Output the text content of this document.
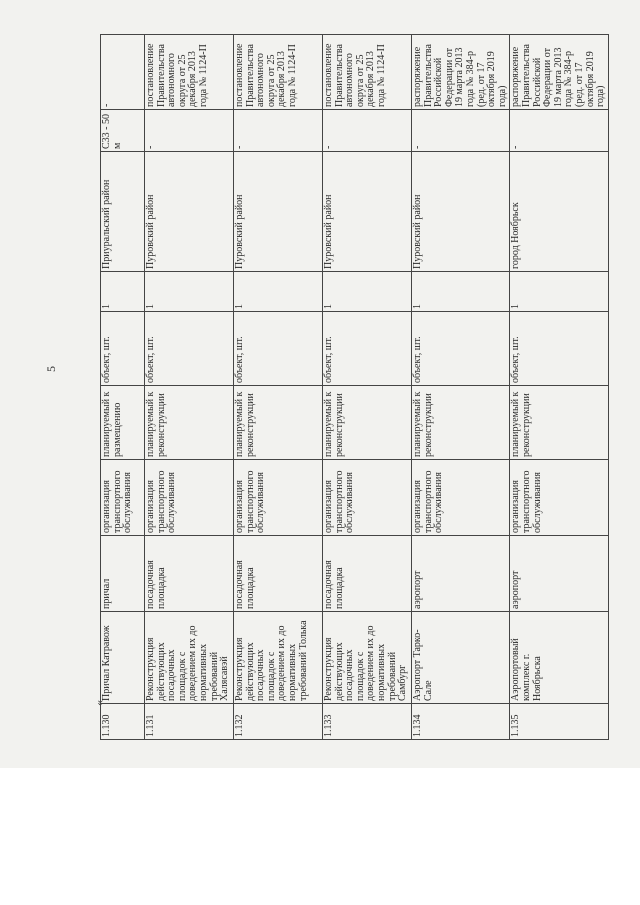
5
«
1.130	Причал Катравож	причал	организация транспортного обслуживания	планируемый к размещению	объект, шт.	1	Приуральский район	С33 - 50 м	-
1.131	Реконструкция действующих посадочных площадок с доведением их до нормативных требований Халясавэй	посадочная площадка	организация транспортного обслуживания	планируемый к реконструкции	объект, шт.	1	Пуровский район	-	постановление Правительства автономного округа от 25 декабря 2013 года № 1124-П
1.132	Реконструкция действующих посадочных площадок с доведением их до нормативных требований Толька	посадочная площадка	организация транспортного обслуживания	планируемый к реконструкции	объект, шт.	1	Пуровский район	-	постановление Правительства автономного округа от 25 декабря 2013 года № 1124-П
1.133	Реконструкция действующих посадочных площадок с доведением их до нормативных требований Самбург	посадочная площадка	организация транспортного обслуживания	планируемый к реконструкции	объект, шт.	1	Пуровский район	-	постановление Правительства автономного округа от 25 декабря 2013 года № 1124-П
1.134	Аэропорт Тарко-Сале	аэропорт	организация транспортного обслуживания	планируемый к реконструкции	объект, шт.	1	Пуровский район	-	распоряжение Правительства Российской Федерации от 19 марта 2013 года № 384-р (ред. от 17 октября 2019 года)
1.135	Аэропортовый комплекс г. Ноябрьска	аэропорт	организация транспортного обслуживания	планируемый к реконструкции	объект, шт.	1	город Ноябрьск	-	распоряжение Правительства Российской Федерации от 19 марта 2013 года № 384-р (ред. от 17 октября 2019 года)
